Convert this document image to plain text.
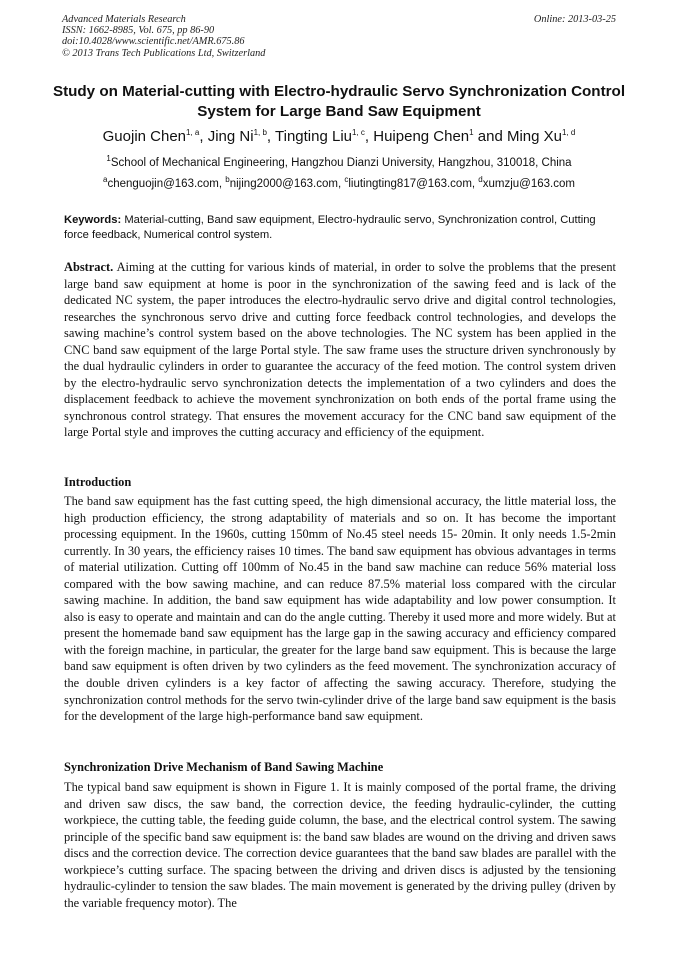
Advanced Materials Research
ISSN: 1662-8985, Vol. 675, pp 86-90
doi:10.4028/www.scientific.net/AMR.675.86
© 2013 Trans Tech Publications Ltd, Switzerland
Online: 2013-03-25
Study on Material-cutting with Electro-hydraulic Servo Synchronization Control System for Large Band Saw Equipment
Guojin Chen$^{1, a}$, Jing Ni$^{1, b}$, Tingting Liu$^{1, c}$, Huipeng Chen$^1$ and Ming Xu$^{1, d}$
$^1$School of Mechanical Engineering, Hangzhou Dianzi University, Hangzhou, 310018, China
$^a$chenguojin@163.com, $^b$nijing2000@163.com, $^c$liutingting817@163.com, $^d$xumzju@163.com
Keywords: Material-cutting, Band saw equipment, Electro-hydraulic servo, Synchronization control, Cutting force feedback, Numerical control system.
Abstract. Aiming at the cutting for various kinds of material, in order to solve the problems that the present large band saw equipment at home is poor in the synchronization of the sawing feed and is lack of the dedicated NC system, the paper introduces the electro-hydraulic servo drive and digital control technologies, researches the synchronous servo drive and cutting force feedback control technologies, and develops the sawing machine’s control system based on the above technologies. The NC system has been applied in the CNC band saw equipment of the large Portal style. The saw frame uses the structure driven synchronously by the dual hydraulic cylinders in order to guarantee the accuracy of the feed motion. The control system driven by the electro-hydraulic servo synchronization detects the implementation of a two cylinders and does the displacement feedback to achieve the movement synchronization on both ends of the portal frame using the synchronous control strategy. That ensures the movement accuracy for the CNC band saw equipment of the large Portal style and improves the cutting accuracy and efficiency of the equipment.
Introduction
The band saw equipment has the fast cutting speed, the high dimensional accuracy, the little material loss, the high production efficiency, the strong adaptability of materials and so on. It has become the important processing equipment. In the 1960s, cutting 150mm of No.45 steel needs 15- 20min. It only needs 1.5-2min currently. In 30 years, the efficiency raises 10 times. The band saw equipment has obvious advantages in terms of material utilization. Cutting off 100mm of No.45 in the band saw machine can reduce 56% material loss compared with the bow sawing machine, and can reduce 87.5% material loss compared with the circular sawing machine. In addition, the band saw equipment has wide adaptability and low power consumption. It also is easy to operate and maintain and can do the angle cutting. Thereby it used more and more widely. But at present the homemade band saw equipment has the large gap in the sawing accuracy and efficiency compared with the foreign machine, in particular, the greater for the large band saw equipment. This is because the large band saw equipment is often driven by two cylinders as the feed movement. The synchronization accuracy of the double driven cylinders is a key factor of affecting the sawing accuracy. Therefore, studying the synchronization control methods for the servo twin-cylinder drive of the large band saw equipment is the basis for the development of the large high-performance band saw equipment.
Synchronization Drive Mechanism of Band Sawing Machine
The typical band saw equipment is shown in Figure 1. It is mainly composed of the portal frame, the driving and driven saw discs, the saw band, the correction device, the feeding hydraulic-cylinder, the cutting workpiece, the cutting table, the feeding guide column, the base, and the electrical control system. The sawing principle of the specific band saw equipment is: the band saw blades are wound on the driving and driven saws discs and the correction device. The correction device guarantees that the band saw blades are parallel with the workpiece’s cutting surface. The spacing between the driving and driven discs is adjusted by the tensioning hydraulic-cylinder to tension the saw blades. The main movement is generated by the driving pulley (driven by the variable frequency motor). The
